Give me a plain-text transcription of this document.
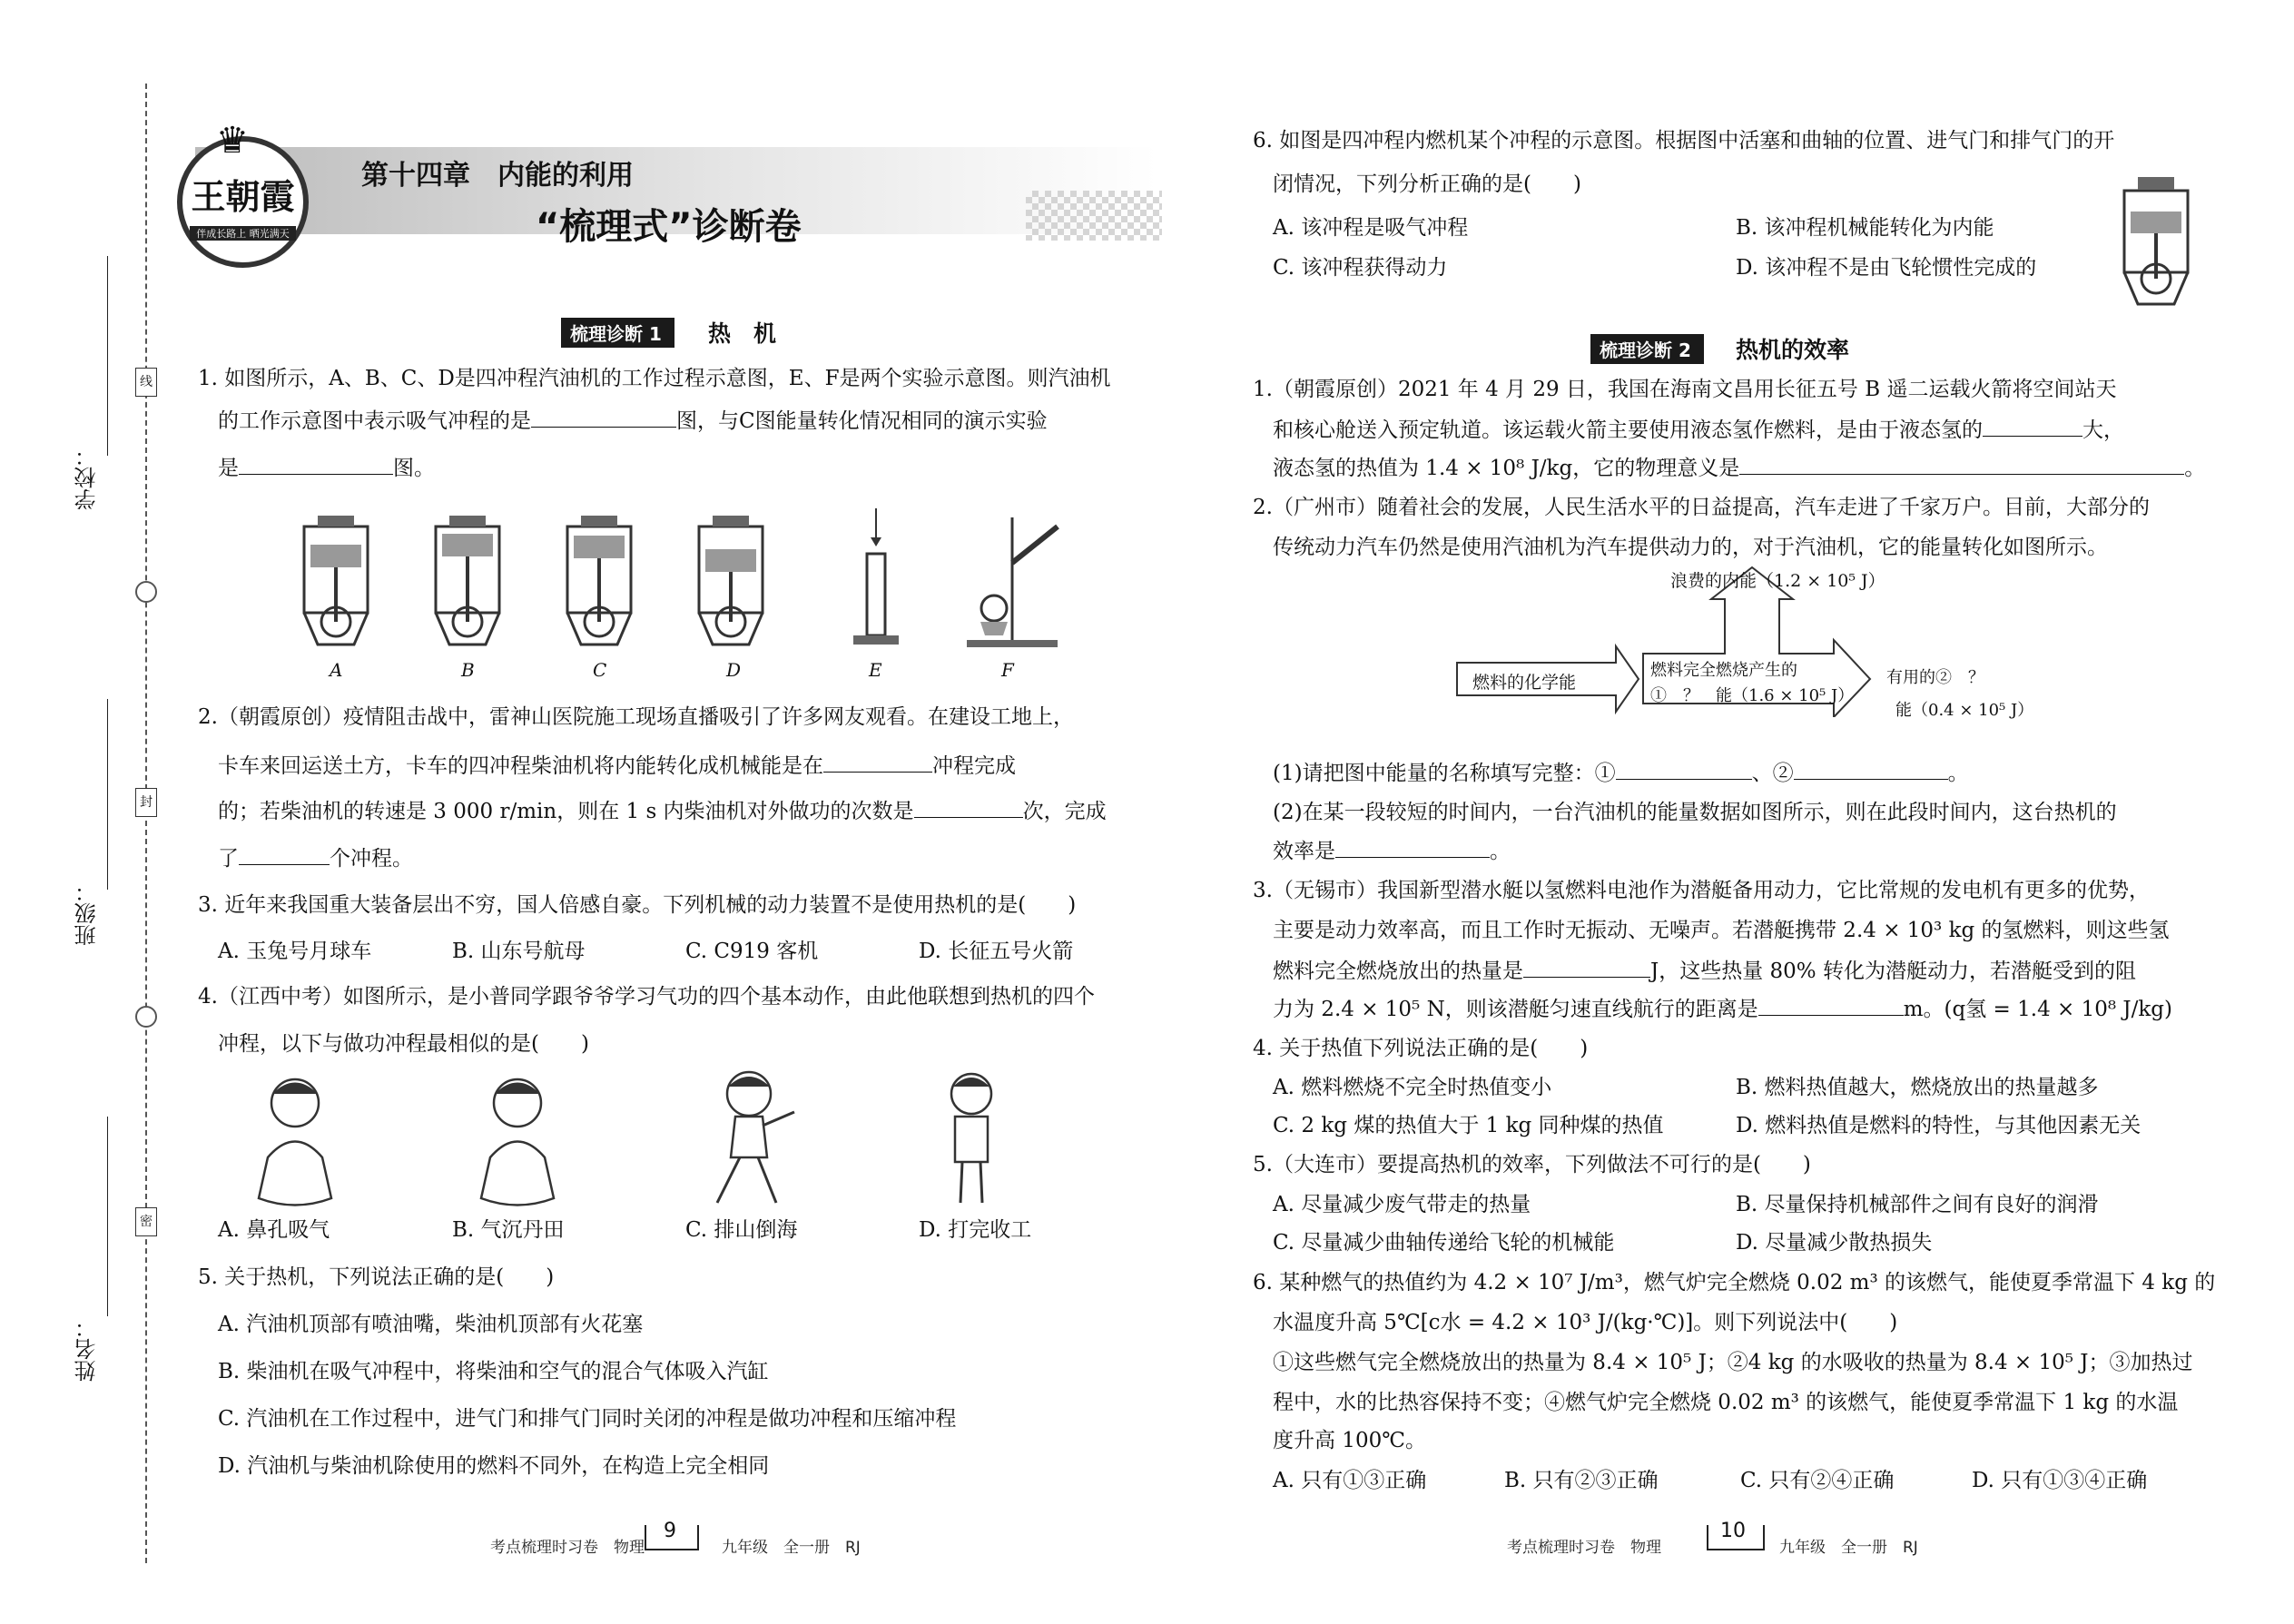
学校：
班级：
姓名：
线
封
密
♛
王朝霞
伴成长路上 晒光满天
第十四章　内能的利用
“梳理式”诊断卷
梳理诊断 1	热　机
1. 如图所示，A、B、C、D是四冲程汽油机的工作过程示意图，E、F是两个实验示意图。则汽油机
的工作示意图中表示吸气冲程的是	图，与C图能量转化情况相同的演示实验
是	图。
A	B	C	D	E	F
2.（朝霞原创）疫情阻击战中，雷神山医院施工现场直播吸引了许多网友观看。在建设工地上，
卡车来回运送土方，卡车的四冲程柴油机将内能转化成机械能是在	冲程完成
的；若柴油机的转速是 3 000 r/min，则在 1 s 内柴油机对外做功的次数是	次，完成
了	个冲程。
3. 近年来我国重大装备层出不穷，国人倍感自豪。下列机械的动力装置不是使用热机的是(　　)
A. 玉兔号月球车	B. 山东号航母	C. C919 客机	D. 长征五号火箭
4.（江西中考）如图所示，是小普同学跟爷爷学习气功的四个基本动作，由此他联想到热机的四个
冲程，以下与做功冲程最相似的是(　　)
A. 鼻孔吸气	B. 气沉丹田	C. 排山倒海	D. 打完收工
5. 关于热机，下列说法正确的是(　　)
A. 汽油机顶部有喷油嘴，柴油机顶部有火花塞
B. 柴油机在吸气冲程中，将柴油和空气的混合气体吸入汽缸
C. 汽油机在工作过程中，进气门和排气门同时关闭的冲程是做功冲程和压缩冲程
D. 汽油机与柴油机除使用的燃料不同外，在构造上完全相同
考点梳理时习卷　物理
9
九年级　全一册　RJ
6. 如图是四冲程内燃机某个冲程的示意图。根据图中活塞和曲轴的位置、进气门和排气门的开
闭情况，下列分析正确的是(　　)
A. 该冲程是吸气冲程	B. 该冲程机械能转化为内能
C. 该冲程获得动力	D. 该冲程不是由飞轮惯性完成的
梳理诊断 2	热机的效率
1.（朝霞原创）2021 年 4 月 29 日，我国在海南文昌用长征五号 B 遥二运载火箭将空间站天
和核心舱送入预定轨道。该运载火箭主要使用液态氢作燃料，是由于液态氢的	大，
液态氢的热值为 1.4 × 10⁸ J/kg，它的物理意义是	。
2.（广州市）随着社会的发展，人民生活水平的日益提高，汽车走进了千家万户。目前，大部分的
传统动力汽车仍然是使用汽油机为汽车提供动力的，对于汽油机，它的能量转化如图所示。
浪费的内能（1.2 × 10⁵ J）
燃料的化学能
燃料完全燃烧产生的
①　？　能（1.6 × 10⁵ J）
有用的②　？
能（0.4 × 10⁵ J）
(1)请把图中能量的名称填写完整：①	、②	。
(2)在某一段较短的时间内，一台汽油机的能量数据如图所示，则在此段时间内，这台热机的
效率是	。
3.（无锡市）我国新型潜水艇以氢燃料电池作为潜艇备用动力，它比常规的发电机有更多的优势，
主要是动力效率高，而且工作时无振动、无噪声。若潜艇携带 2.4 × 10³ kg 的氢燃料，则这些氢
燃料完全燃烧放出的热量是	J，这些热量 80% 转化为潜艇动力，若潜艇受到的阻
力为 2.4 × 10⁵ N，则该潜艇匀速直线航行的距离是	m。(q氢 = 1.4 × 10⁸ J/kg)
4. 关于热值下列说法正确的是(　　)
A. 燃料燃烧不完全时热值变小	B. 燃料热值越大，燃烧放出的热量越多
C. 2 kg 煤的热值大于 1 kg 同种煤的热值	D. 燃料热值是燃料的特性，与其他因素无关
5.（大连市）要提高热机的效率，下列做法不可行的是(　　)
A. 尽量减少废气带走的热量	B. 尽量保持机械部件之间有良好的润滑
C. 尽量减少曲轴传递给飞轮的机械能	D. 尽量减少散热损失
6. 某种燃气的热值约为 4.2 × 10⁷ J/m³，燃气炉完全燃烧 0.02 m³ 的该燃气，能使夏季常温下 4 kg 的
水温度升高 5℃[c水 = 4.2 × 10³ J/(kg·℃)]。则下列说法中(　　)
①这些燃气完全燃烧放出的热量为 8.4 × 10⁵ J；②4 kg 的水吸收的热量为 8.4 × 10⁵ J；③加热过
程中，水的比热容保持不变；④燃气炉完全燃烧 0.02 m³ 的该燃气，能使夏季常温下 1 kg 的水温
度升高 100℃。
A. 只有①③正确	B. 只有②③正确	C. 只有②④正确	D. 只有①③④正确
考点梳理时习卷　物理
10
九年级　全一册　RJ
